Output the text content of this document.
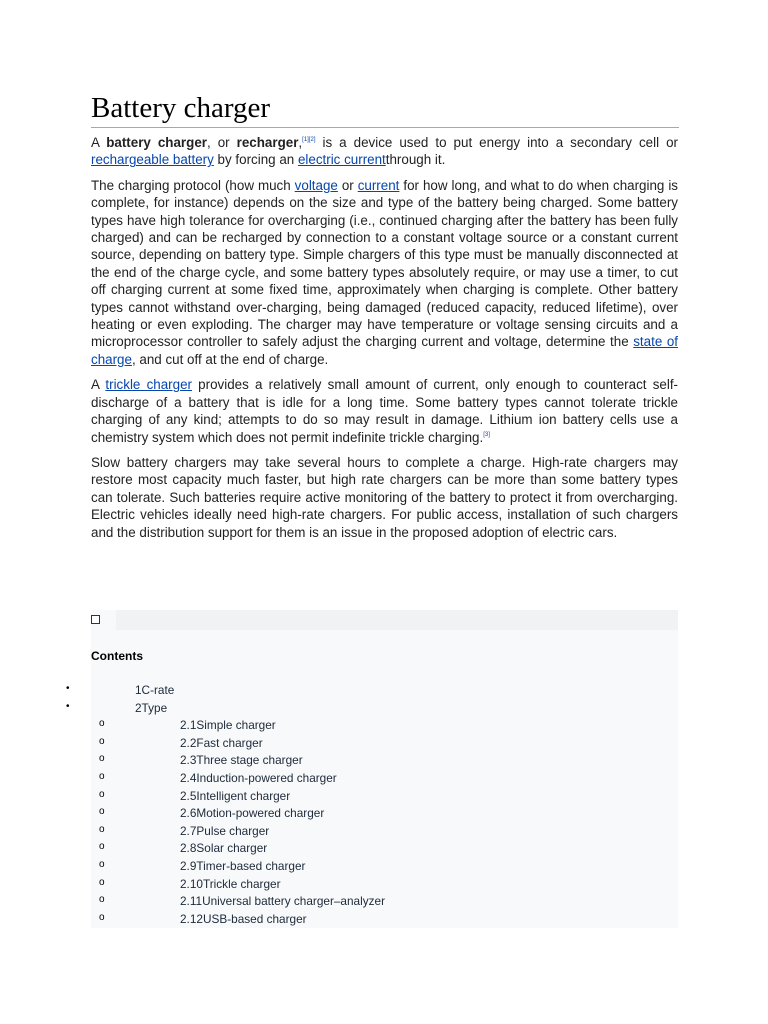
Battery charger

A battery charger, or recharger,[1][2] is a device used to put energy into a secondary cell or rechargeable battery by forcing an electric currentthrough it.

The charging protocol (how much voltage or current for how long, and what to do when charging is complete, for instance) depends on the size and type of the battery being charged. Some battery types have high tolerance for overcharging (i.e., continued charging after the battery has been fully charged) and can be recharged by connection to a constant voltage source or a constant current source, depending on battery type. Simple chargers of this type must be manually disconnected at the end of the charge cycle, and some battery types absolutely require, or may use a timer, to cut off charging current at some fixed time, approximately when charging is complete. Other battery types cannot withstand over-charging, being damaged (reduced capacity, reduced lifetime), over heating or even exploding. The charger may have temperature or voltage sensing circuits and a microprocessor controller to safely adjust the charging current and voltage, determine the state of charge, and cut off at the end of charge.

A trickle charger provides a relatively small amount of current, only enough to counteract self-discharge of a battery that is idle for a long time. Some battery types cannot tolerate trickle charging of any kind; attempts to do so may result in damage. Lithium ion battery cells use a chemistry system which does not permit indefinite trickle charging.[3]

Slow battery chargers may take several hours to complete a charge. High-rate chargers may restore most capacity much faster, but high rate chargers can be more than some battery types can tolerate. Such batteries require active monitoring of the battery to protect it from overcharging. Electric vehicles ideally need high-rate chargers. For public access, installation of such chargers and the distribution support for them is an issue in the proposed adoption of electric cars.

Contents
•	1C-rate
•	2Type
o	2.1Simple charger
o	2.2Fast charger
o	2.3Three stage charger
o	2.4Induction-powered charger
o	2.5Intelligent charger
o	2.6Motion-powered charger
o	2.7Pulse charger
o	2.8Solar charger
o	2.9Timer-based charger
o	2.10Trickle charger
o	2.11Universal battery charger–analyzer
o	2.12USB-based charger
